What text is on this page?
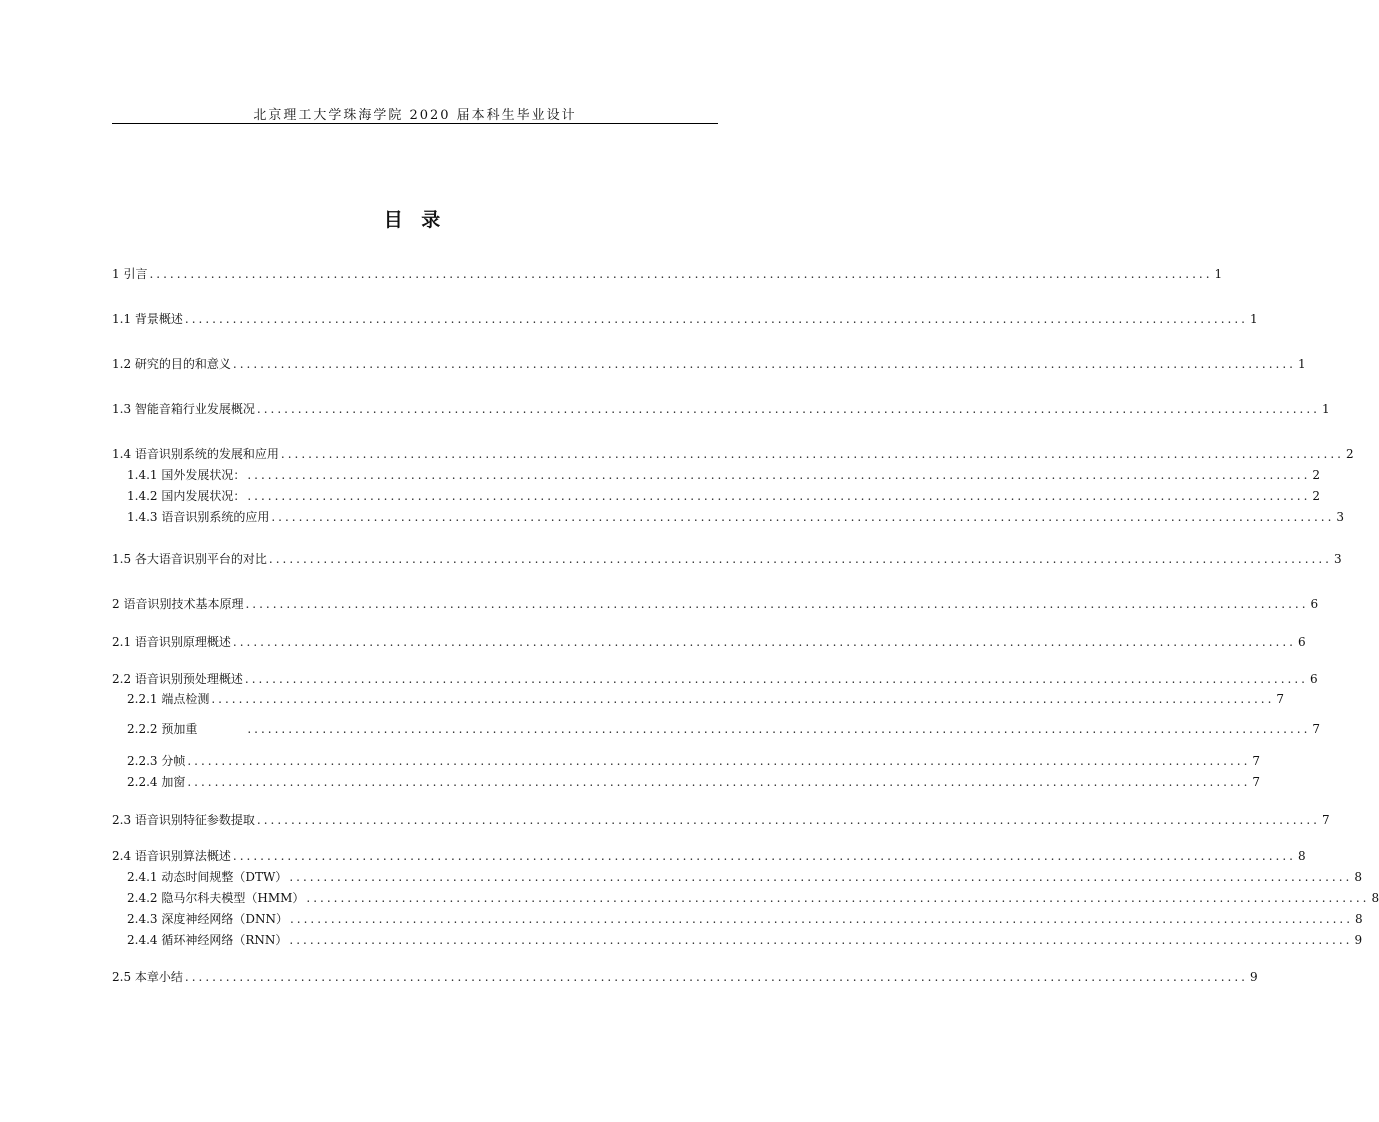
北京理工大学珠海学院 2020 届本科生毕业设计
目 录
1 引言 ............................................................................................................................................................ 1
1.1 背景概述 ............................................................................................................................................................ 1
1.2 研究的目的和意义 ............................................................................................................................................................ 1
1.3 智能音箱行业发展概况 ............................................................................................................................................................ 1
1.4 语音识别系统的发展和应用 ............................................................................................................................................................ 2
1.4.1 国外发展状况： ............................................................................................................................................................ 2
1.4.2 国内发展状况： ............................................................................................................................................................ 2
1.4.3 语音识别系统的应用 ............................................................................................................................................................ 3
1.5 各大语音识别平台的对比 ............................................................................................................................................................ 3
2 语音识别技术基本原理 ............................................................................................................................................................ 6
2.1 语音识别原理概述 ............................................................................................................................................................ 6
2.2 语音识别预处理概述 ............................................................................................................................................................ 6
2.2.1 端点检测 ............................................................................................................................................................ 7
2.2.2 预加重	............................................................................................................................................................ 7
2.2.3 分帧 ............................................................................................................................................................ 7
2.2.4 加窗 ............................................................................................................................................................ 7
2.3 语音识别特征参数提取 ............................................................................................................................................................ 7
2.4 语音识别算法概述 ............................................................................................................................................................ 8
2.4.1 动态时间规整（DTW） ............................................................................................................................................................ 8
2.4.2 隐马尔科夫模型（HMM） ............................................................................................................................................................ 8
2.4.3 深度神经网络（DNN） ............................................................................................................................................................ 8
2.4.4 循环神经网络（RNN） ............................................................................................................................................................ 9
2.5 本章小结 ............................................................................................................................................................ 9
